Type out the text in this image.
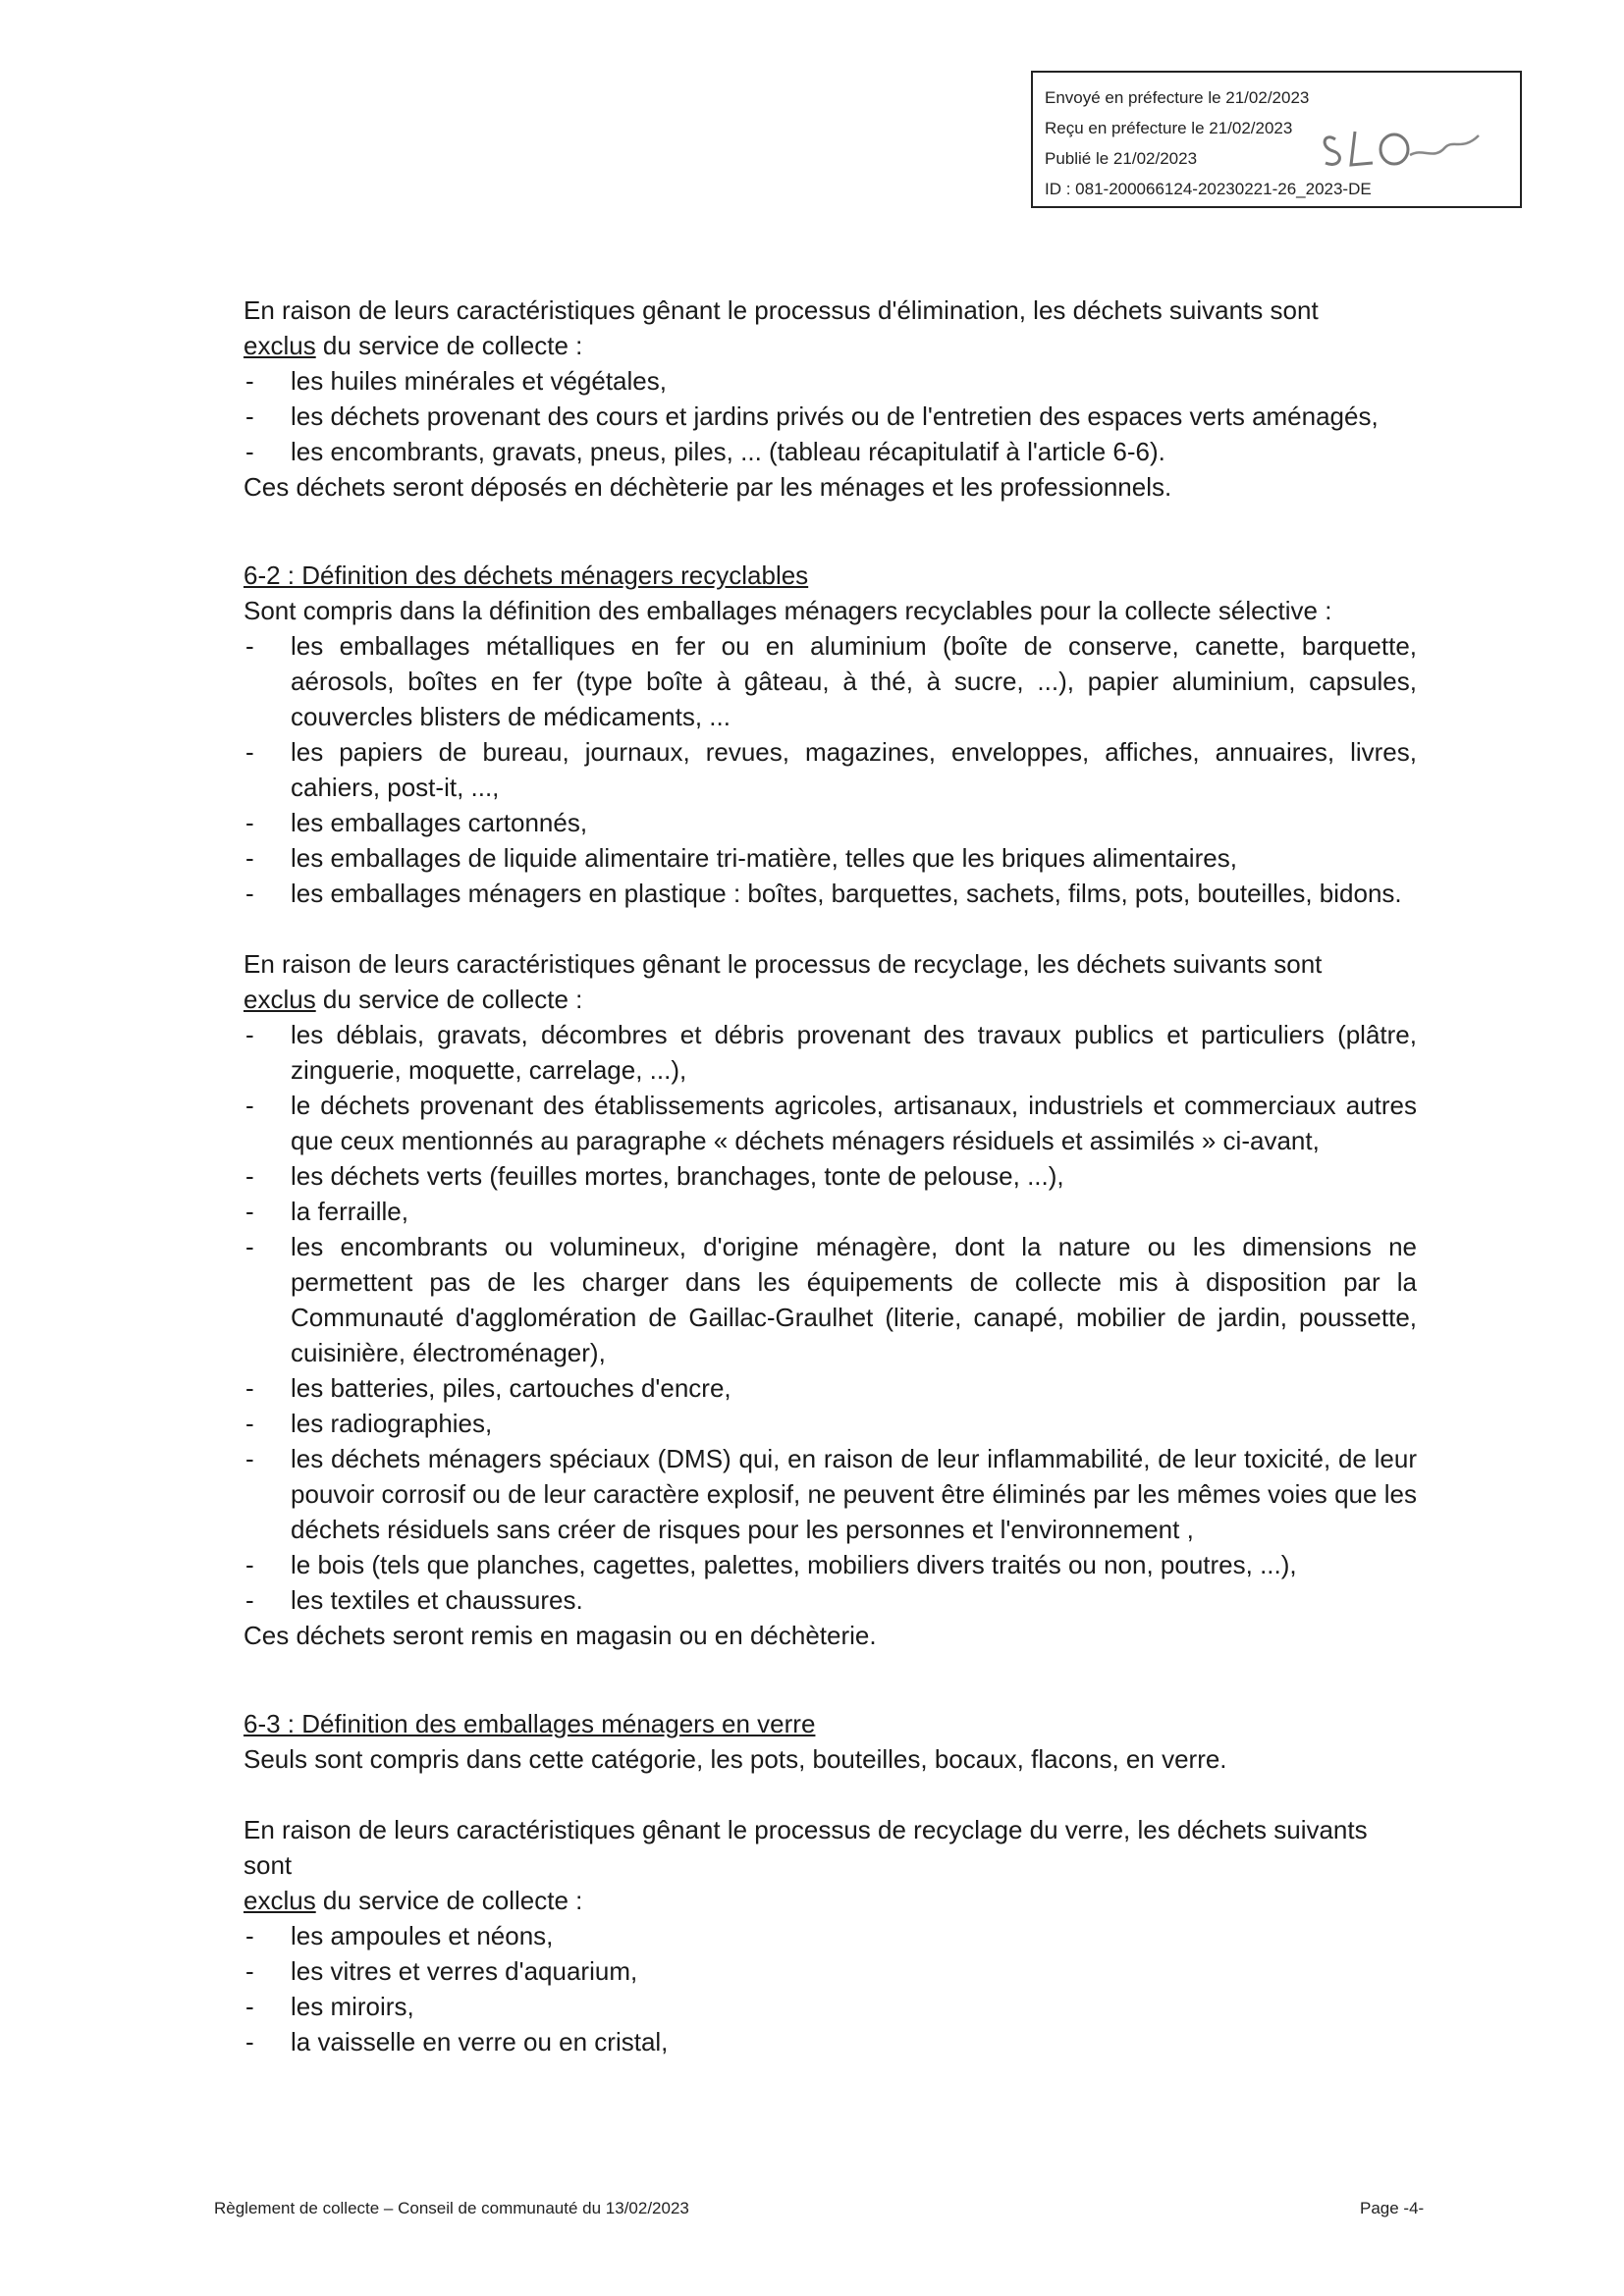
Envoyé en préfecture le 21/02/2023
Reçu en préfecture le 21/02/2023
Publié le 21/02/2023
ID : 081-200066124-20230221-26_2023-DE

En raison de leurs caractéristiques gênant le processus d'élimination, les déchets suivants sont
exclus du service de collecte :

- les huiles minérales et végétales,
- les déchets provenant des cours et jardins privés ou de l'entretien des espaces verts aménagés,
- les encombrants, gravats, pneus, piles, ... (tableau récapitulatif à l'article 6-6).

Ces déchets seront déposés en déchèterie par les ménages et les professionnels.

6-2 : Définition des déchets ménagers recyclables

Sont compris dans la définition des emballages ménagers recyclables pour la collecte sélective :

- les emballages métalliques en fer ou en aluminium (boîte de conserve, canette, barquette, aérosols, boîtes en fer (type boîte à gâteau, à thé, à sucre, ...), papier aluminium, capsules, couvercles blisters de médicaments, ...
- les papiers de bureau, journaux, revues, magazines, enveloppes, affiches, annuaires, livres, cahiers, post-it, ...,
- les emballages cartonnés,
- les emballages de liquide alimentaire tri-matière, telles que les briques alimentaires,
- les emballages ménagers en plastique : boîtes, barquettes, sachets, films, pots, bouteilles, bidons.

En raison de leurs caractéristiques gênant le processus de recyclage, les déchets suivants sont
exclus du service de collecte :

- les déblais, gravats, décombres et débris provenant des travaux publics et particuliers (plâtre, zinguerie, moquette, carrelage, ...),
- le déchets provenant des établissements agricoles, artisanaux, industriels et commerciaux autres que ceux mentionnés au paragraphe « déchets ménagers résiduels et assimilés » ci-avant,
- les déchets verts (feuilles mortes, branchages, tonte de pelouse, ...),
- la ferraille,
- les encombrants ou volumineux, d'origine ménagère, dont la nature ou les dimensions ne permettent pas de les charger dans les équipements de collecte mis à disposition par la Communauté d'agglomération de Gaillac-Graulhet (literie, canapé, mobilier de jardin, poussette, cuisinière, électroménager),
- les batteries, piles, cartouches d'encre,
- les radiographies,
- les déchets ménagers spéciaux (DMS) qui, en raison de leur inflammabilité, de leur toxicité, de leur pouvoir corrosif ou de leur caractère explosif, ne peuvent être éliminés par les mêmes voies que les déchets résiduels sans créer de risques pour les personnes et l'environnement ,
- le bois (tels que planches, cagettes, palettes, mobiliers divers traités ou non, poutres, ...),
- les textiles et chaussures.

Ces déchets seront remis en magasin ou en déchèterie.

6-3 : Définition des emballages ménagers en verre

Seuls sont compris dans cette catégorie, les pots, bouteilles, bocaux, flacons, en verre.

En raison de leurs caractéristiques gênant le processus de recyclage du verre, les déchets suivants sont
exclus du service de collecte :

- les ampoules et néons,
- les vitres et verres d'aquarium,
- les miroirs,
- la vaisselle en verre ou en cristal,
Règlement de collecte – Conseil de communauté du 13/02/2023	Page -4-
